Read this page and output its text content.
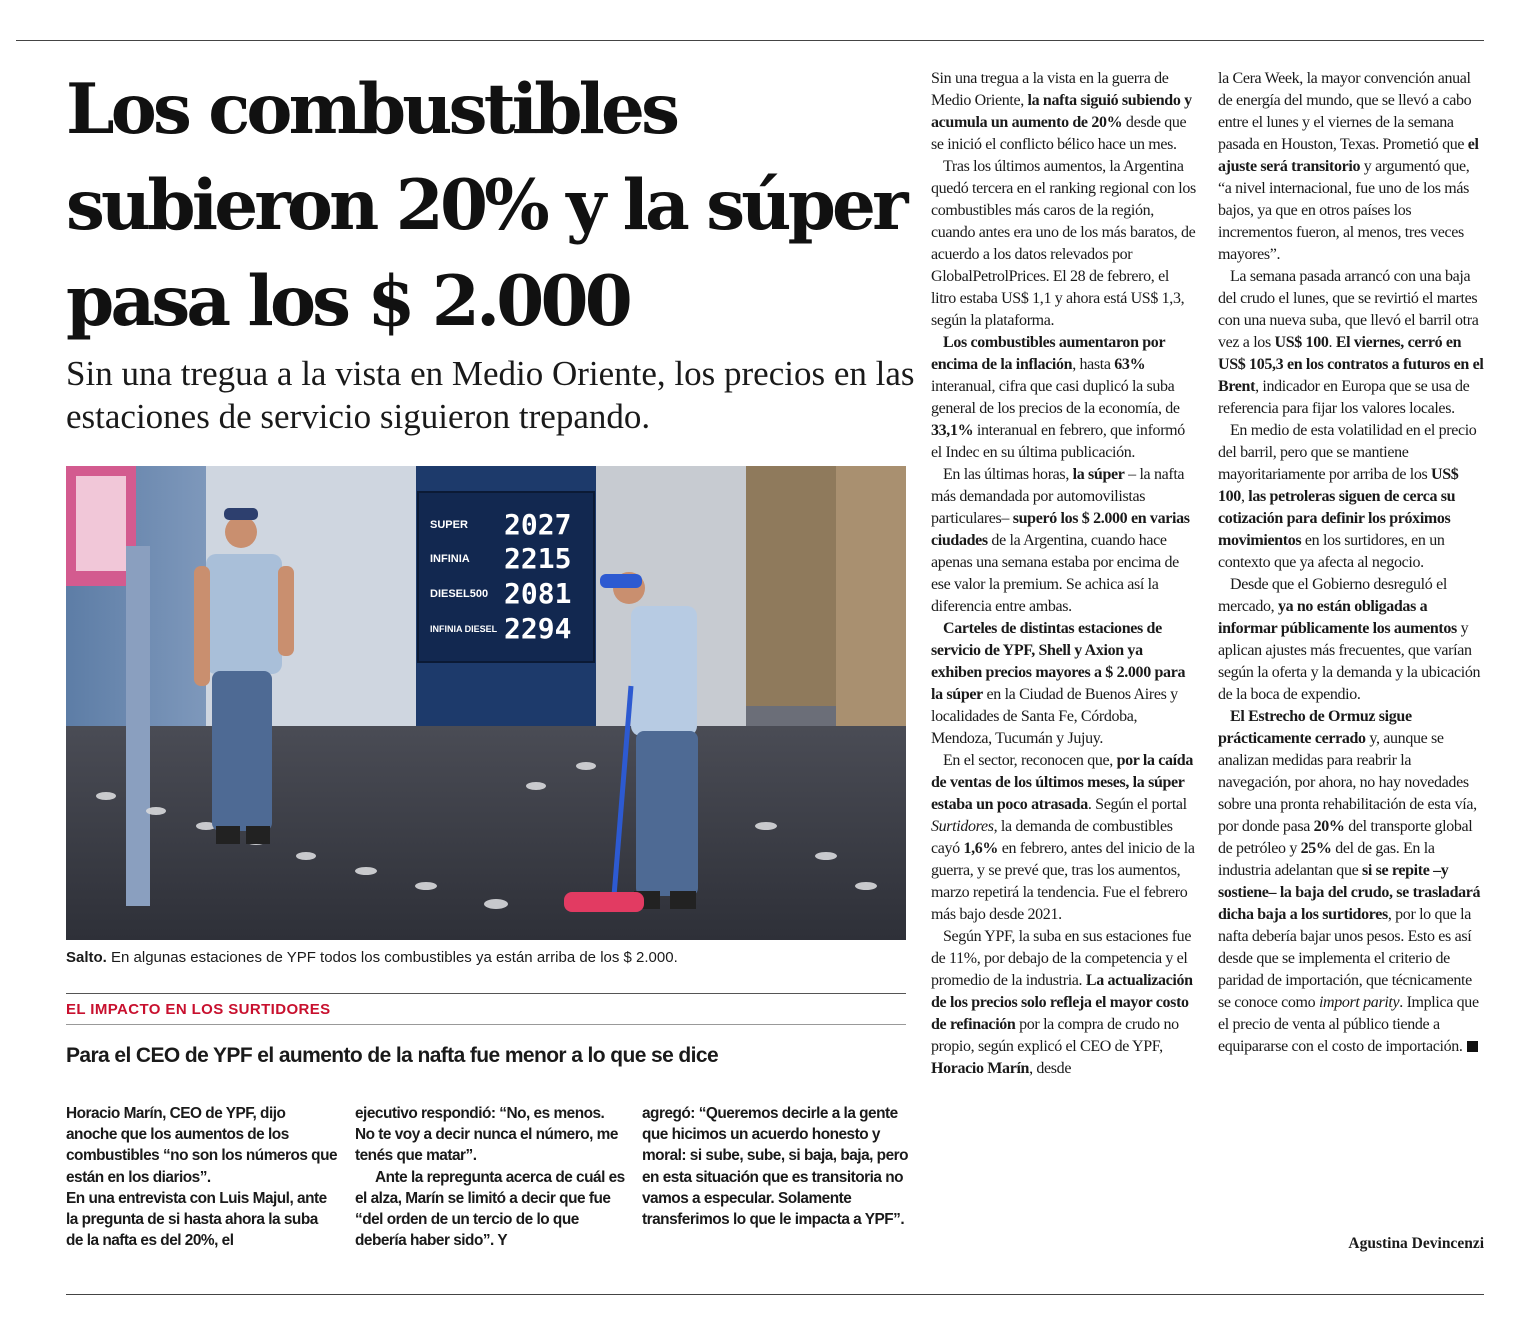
Los combustibles subieron 20% y la súper pasa los $ 2.000

Sin una tregua a la vista en Medio Oriente, los precios en las estaciones de servicio siguieron trepando.

SUPER 2027
INFINIA 2215
DIESEL500 2081
INFINIA DIESEL 2294
Salto. En algunas estaciones de YPF todos los combustibles ya están arriba de los $ 2.000.
EL IMPACTO EN LOS SURTIDORES
Para el CEO de YPF el aumento de la nafta fue menor a lo que se dice

Horacio Marín, CEO de YPF, dijo anoche que los aumentos de los combustibles “no son los números que están en los diarios”.

En una entrevista con Luis Majul, ante la pregunta de si hasta ahora la suba de la nafta es del 20%, el

ejecutivo respondió: “No, es menos. No te voy a decir nunca el número, me tenés que matar”.

Ante la repregunta acerca de cuál es el alza, Marín se limitó a decir que fue “del orden de un tercio de lo que debería haber sido”. Y

agregó: “Queremos decirle a la gente que hicimos un acuerdo honesto y moral: si sube, sube, si baja, baja, pero en esta situación que es transitoria no vamos a especular. Solamente transferimos lo que le impacta a YPF”.

Sin una tregua a la vista en la guerra de Medio Oriente, la nafta siguió subiendo y acumula un aumento de 20% desde que se inició el conflicto bélico hace un mes.

Tras los últimos aumentos, la Argentina quedó tercera en el ranking regional con los combustibles más caros de la región, cuando antes era uno de los más baratos, de acuerdo a los datos relevados por GlobalPetrolPrices. El 28 de febrero, el litro estaba US$ 1,1 y ahora está US$ 1,3, según la plataforma.

Los combustibles aumentaron por encima de la inflación, hasta 63% interanual, cifra que casi duplicó la suba general de los precios de la economía, de 33,1% interanual en febrero, que informó el Indec en su última publicación.

En las últimas horas, la súper – la nafta más demandada por automovilistas particulares– superó los $ 2.000 en varias ciudades de la Argentina, cuando hace apenas una semana estaba por encima de ese valor la premium. Se achica así la diferencia entre ambas.

Carteles de distintas estaciones de servicio de YPF, Shell y Axion ya exhiben precios mayores a $ 2.000 para la súper en la Ciudad de Buenos Aires y localidades de Santa Fe, Córdoba, Mendoza, Tucumán y Jujuy.

En el sector, reconocen que, por la caída de ventas de los últimos meses, la súper estaba un poco atrasada. Según el portal Surtidores, la demanda de combustibles cayó 1,6% en febrero, antes del inicio de la guerra, y se prevé que, tras los aumentos, marzo repetirá la tendencia. Fue el febrero más bajo desde 2021.

Según YPF, la suba en sus estaciones fue de 11%, por debajo de la competencia y el promedio de la industria. La actualización de los precios solo refleja el mayor costo de refinación por la compra de crudo no propio, según explicó el CEO de YPF, Horacio Marín, desde

la Cera Week, la mayor convención anual de energía del mundo, que se llevó a cabo entre el lunes y el viernes de la semana pasada en Houston, Texas. Prometió que el ajuste será transitorio y argumentó que, “a nivel internacional, fue uno de los más bajos, ya que en otros países los incrementos fueron, al menos, tres veces mayores”.

La semana pasada arrancó con una baja del crudo el lunes, que se revirtió el martes con una nueva suba, que llevó el barril otra vez a los US$ 100. El viernes, cerró en US$ 105,3 en los contratos a futuros en el Brent, indicador en Europa que se usa de referencia para fijar los valores locales.

En medio de esta volatilidad en el precio del barril, pero que se mantiene mayoritariamente por arriba de los US$ 100, las petroleras siguen de cerca su cotización para definir los próximos movimientos en los surtidores, en un contexto que ya afecta al negocio.

Desde que el Gobierno desreguló el mercado, ya no están obligadas a informar públicamente los aumentos y aplican ajustes más frecuentes, que varían según la oferta y la demanda y la ubicación de la boca de expendio.

El Estrecho de Ormuz sigue prácticamente cerrado y, aunque se analizan medidas para reabrir la navegación, por ahora, no hay novedades sobre una pronta rehabilitación de esta vía, por donde pasa 20% del transporte global de petróleo y 25% del de gas. En la industria adelantan que si se repite –y sostiene– la baja del crudo, se trasladará dicha baja a los surtidores, por lo que la nafta debería bajar unos pesos. Esto es así desde que se implementa el criterio de paridad de importación, que técnicamente se conoce como import parity. Implica que el precio de venta al público tiende a equipararse con el costo de importación.

Agustina Devincenzi
